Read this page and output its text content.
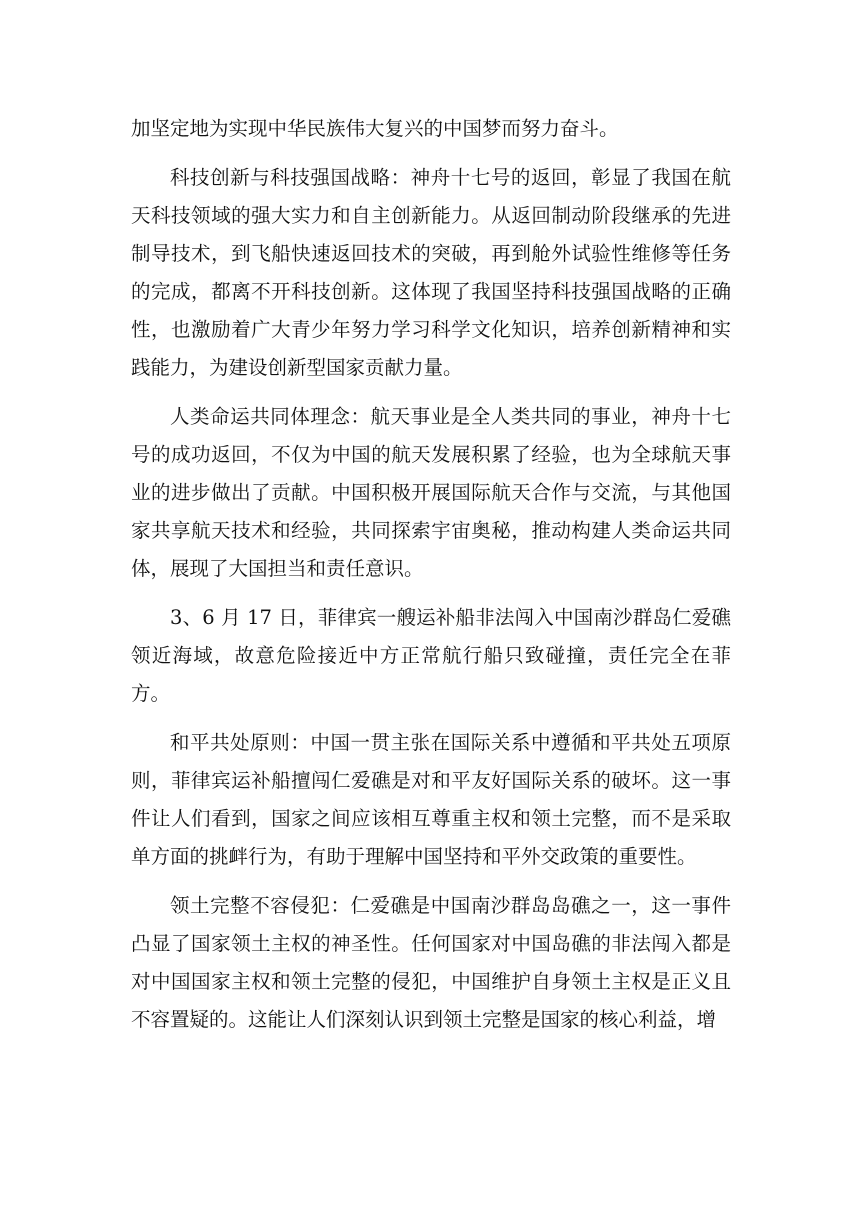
加坚定地为实现中华民族伟大复兴的中国梦而努力奋斗。

科技创新与科技强国战略：神舟十七号的返回，彰显了我国在航天科技领域的强大实力和自主创新能力。从返回制动阶段继承的先进制导技术，到飞船快速返回技术的突破，再到舱外试验性维修等任务的完成，都离不开科技创新。这体现了我国坚持科技强国战略的正确性，也激励着广大青少年努力学习科学文化知识，培养创新精神和实践能力，为建设创新型国家贡献力量。

人类命运共同体理念：航天事业是全人类共同的事业，神舟十七号的成功返回，不仅为中国的航天发展积累了经验，也为全球航天事业的进步做出了贡献。中国积极开展国际航天合作与交流，与其他国家共享航天技术和经验，共同探索宇宙奥秘，推动构建人类命运共同体，展现了大国担当和责任意识。

3、6 月 17 日，菲律宾一艘运补船非法闯入中国南沙群岛仁爱礁领近海域，故意危险接近中方正常航行船只致碰撞，责任完全在菲方。

和平共处原则：中国一贯主张在国际关系中遵循和平共处五项原则，菲律宾运补船擅闯仁爱礁是对和平友好国际关系的破坏。这一事件让人们看到，国家之间应该相互尊重主权和领土完整，而不是采取单方面的挑衅行为，有助于理解中国坚持和平外交政策的重要性。

领土完整不容侵犯：仁爱礁是中国南沙群岛岛礁之一，这一事件凸显了国家领土主权的神圣性。任何国家对中国岛礁的非法闯入都是对中国国家主权和领土完整的侵犯，中国维护自身领土主权是正义且不容置疑的。这能让人们深刻认识到领土完整是国家的核心利益，增
